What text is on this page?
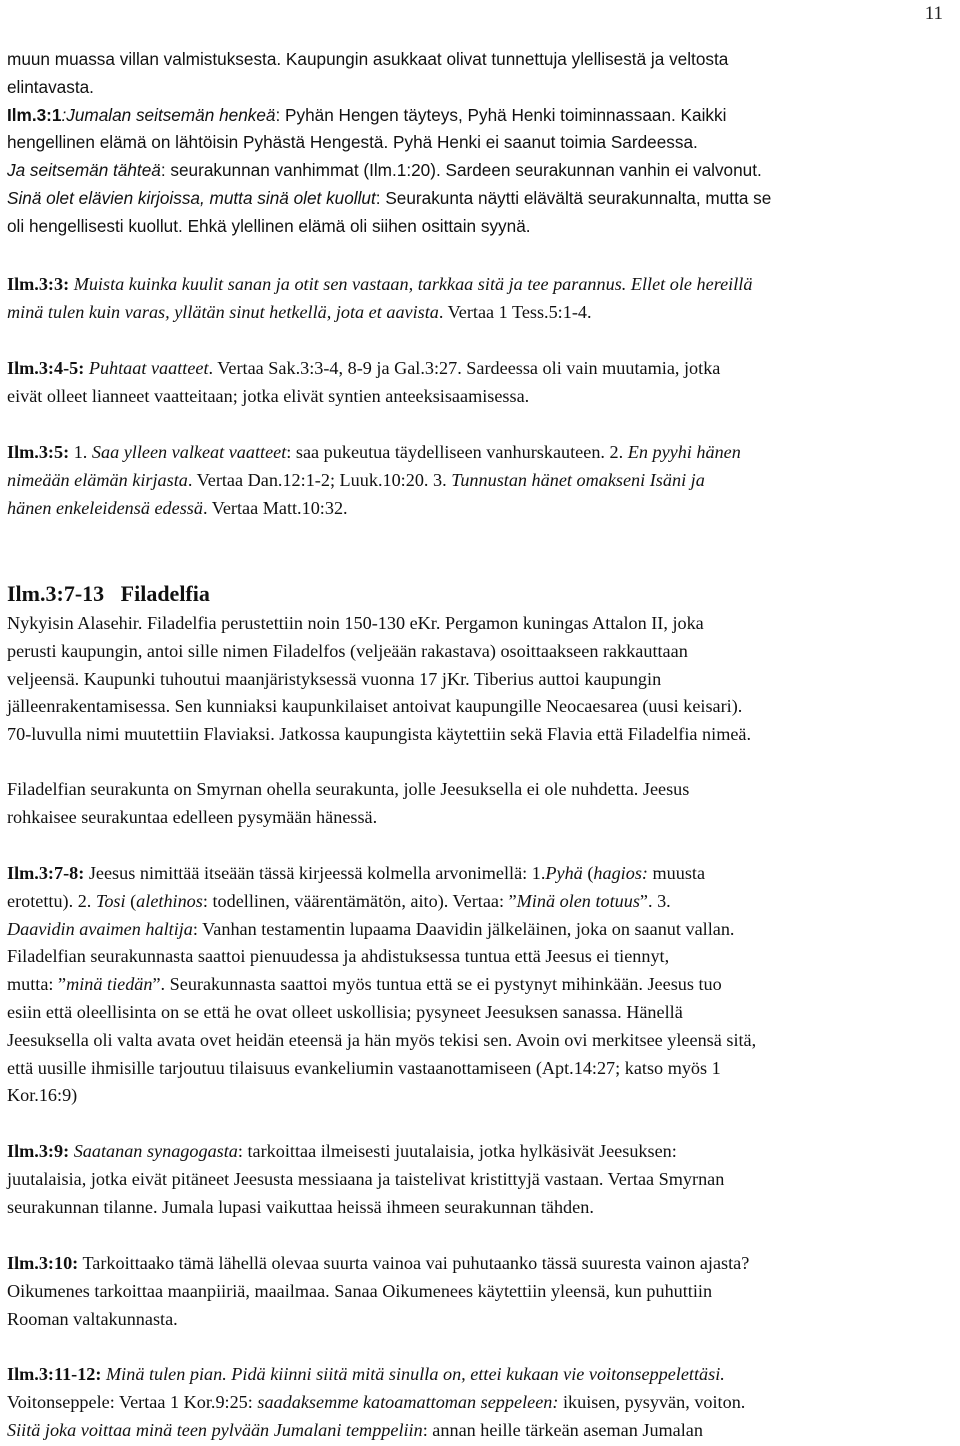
11
muun muassa villan valmistuksesta. Kaupungin asukkaat olivat tunnettuja ylellisestä ja veltosta
elintavasta.
Ilm.3:1:Jumalan seitsemän henkeä: Pyhän Hengen täyteys, Pyhä Henki toiminnassaan. Kaikki
hengellinen elämä on lähtöisin Pyhästä Hengestä. Pyhä Henki ei saanut toimia Sardeessa.
Ja seitsemän tähteä: seurakunnan vanhimmat (Ilm.1:20). Sardeen seurakunnan vanhin ei valvonut.
Sinä olet elävien kirjoissa, mutta sinä olet kuollut: Seurakunta näytti elävältä seurakunnalta, mutta se
oli hengellisesti kuollut. Ehkä ylellinen elämä oli siihen osittain syynä.
Ilm.3:3: Muista kuinka kuulit sanan ja otit sen vastaan, tarkkaa sitä ja tee parannus. Ellet ole hereillä
minä tulen kuin varas, yllätän sinut hetkellä, jota et aavista. Vertaa 1 Tess.5:1-4.
Ilm.3:4-5: Puhtaat vaatteet. Vertaa Sak.3:3-4, 8-9 ja Gal.3:27. Sardeessa oli vain muutamia, jotka
eivät olleet lianneet vaatteitaan; jotka elivät syntien anteeksisaamisessa.
Ilm.3:5: 1. Saa ylleen valkeat vaatteet: saa pukeutua täydelliseen vanhurskauteen. 2. En pyyhi hänen
nimeään elämän kirjasta. Vertaa Dan.12:1-2; Luuk.10:20. 3. Tunnustan hänet omakseni Isäni ja
hänen enkeleidensä edessä. Vertaa Matt.10:32.
Ilm.3:7-13 Filadelfia
Nykyisin Alasehir. Filadelfia perustettiin noin 150-130 eKr. Pergamon kuningas Attalon II, joka
perusti kaupungin, antoi sille nimen Filadelfos (veljeään rakastava) osoittaakseen rakkauttaan
veljeensä. Kaupunki tuhoutui maanjäristyksessä vuonna 17 jKr. Tiberius auttoi kaupungin
jälleenrakentamisessa. Sen kunniaksi kaupunkilaiset antoivat kaupungille Neocaesarea (uusi keisari).
70-luvulla nimi muutettiin Flaviaksi. Jatkossa kaupungista käytettiin sekä Flavia että Filadelfia nimeä.
Filadelfian seurakunta on Smyrnan ohella seurakunta, jolle Jeesuksella ei ole nuhdetta. Jeesus
rohkaisee seurakuntaa edelleen pysymään hänessä.
Ilm.3:7-8: Jeesus nimittää itseään tässä kirjeessä kolmella arvonimellä: 1.Pyhä (hagios: muusta
erotettu). 2. Tosi (alethinos: todellinen, väärentämätön, aito). Vertaa: ”Minä olen totuus”. 3.
Daavidin avaimen haltija: Vanhan testamentin lupaama Daavidin jälkeläinen, joka on saanut vallan.
Filadelfian seurakunnasta saattoi pienuudessa ja ahdistuksessa tuntua että Jeesus ei tiennyt,
mutta: ”minä tiedän”. Seurakunnasta saattoi myös tuntua että se ei pystynyt mihinkään. Jeesus tuo
esiin että oleellisinta on se että he ovat olleet uskollisia; pysyneet Jeesuksen sanassa. Hänellä
Jeesuksella oli valta avata ovet heidän eteensä ja hän myös tekisi sen. Avoin ovi merkitsee yleensä sitä,
että uusille ihmisille tarjoutuu tilaisuus evankeliumin vastaanottamiseen (Apt.14:27; katso myös 1
Kor.16:9)
Ilm.3:9: Saatanan synagogasta: tarkoittaa ilmeisesti juutalaisia, jotka hylkäsivät Jeesuksen:
juutalaisia, jotka eivät pitäneet Jeesusta messiaana ja taistelivat kristittyjä vastaan. Vertaa Smyrnan
seurakunnan tilanne. Jumala lupasi vaikuttaa heissä ihmeen seurakunnan tähden.
Ilm.3:10: Tarkoittaako tämä lähellä olevaa suurta vainoa vai puhutaanko tässä suuresta vainon ajasta?
Oikumenes tarkoittaa maanpiiriä, maailmaa. Sanaa Oikumenees käytettiin yleensä, kun puhuttiin
Rooman valtakunnasta.
Ilm.3:11-12: Minä tulen pian. Pidä kiinni siitä mitä sinulla on, ettei kukaan vie voitonseppelettäsi.
Voitonseppele: Vertaa 1 Kor.9:25: saadaksemme katoamattoman seppeleen: ikuisen, pysyvän, voiton.
Siitä joka voittaa minä teen pylvään Jumalani temppeliin: annan heille tärkeän aseman Jumalan
